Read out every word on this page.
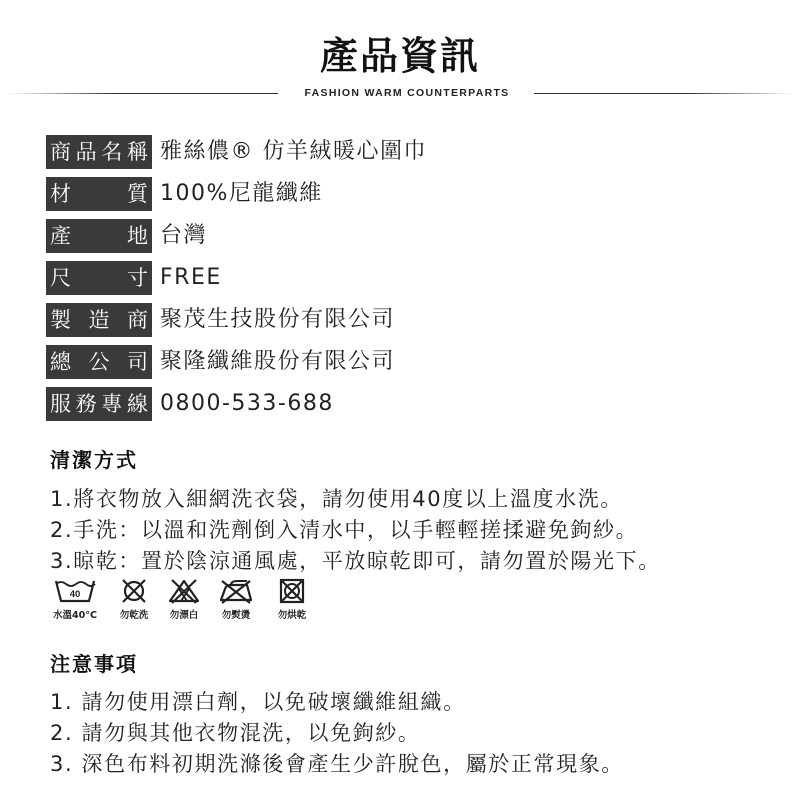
產品資訊
FASHION WARM COUNTERPARTS
商 品 名 稱 雅絲儂® 仿羊絨暖心圍巾
材	質 100%尼龍纖維
產	地 台灣
尺	寸 FREE
製 造 商 聚茂生技股份有限公司
總 公 司 聚隆纖維股份有限公司
服 務 專 線 0800-533-688
清潔方式
1.將衣物放入細網洗衣袋，請勿使用40度以上溫度水洗。
2.手洗：以溫和洗劑倒入清水中，以手輕輕搓揉避免鉤紗。
3.晾乾：置於陰涼通風處，平放晾乾即可，請勿置於陽光下。
40
水溫40°C	勿乾洗	勿漂白	勿熨燙	勿烘乾
注意事項
1. 請勿使用漂白劑，以免破壞纖維組織。
2. 請勿與其他衣物混洗，以免鉤紗。
3. 深色布料初期洗滌後會產生少許脫色，屬於正常現象。
